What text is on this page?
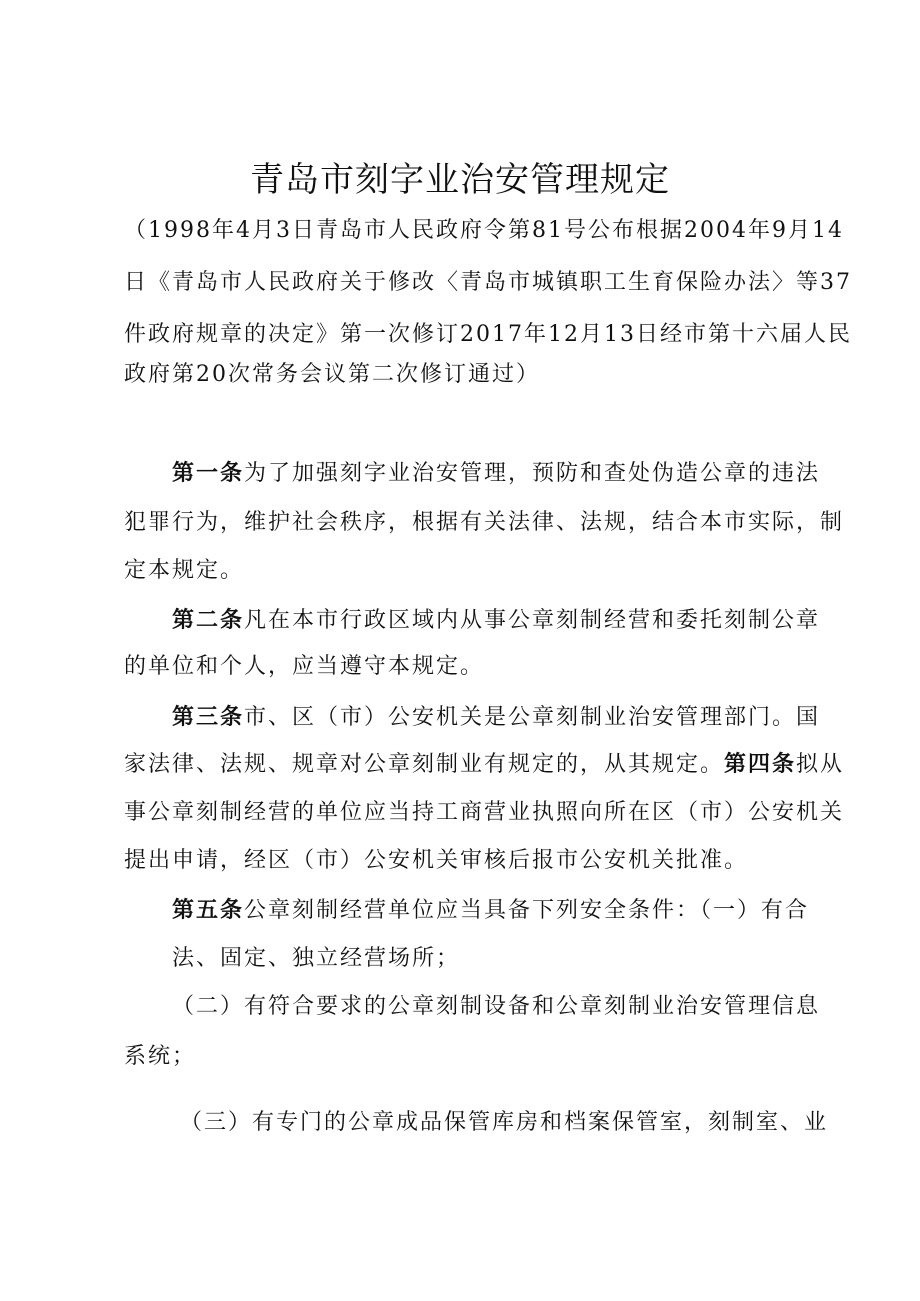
青岛市刻字业治安管理规定
（1998年4月3日青岛市人民政府令第81号公布根据2004年9月14
日《青岛市人民政府关于修改〈青岛市城镇职工生育保险办法〉等37
件政府规章的决定》第一次修订2017年12月13日经市第十六届人民
政府第20次常务会议第二次修订通过）
第一条为了加强刻字业治安管理，预防和查处伪造公章的违法
犯罪行为，维护社会秩序，根据有关法律、法规，结合本市实际，制
定本规定。
第二条凡在本市行政区域内从事公章刻制经营和委托刻制公章
的单位和个人，应当遵守本规定。
第三条市、区（市）公安机关是公章刻制业治安管理部门。国
家法律、法规、规章对公章刻制业有规定的，从其规定。第四条拟从
事公章刻制经营的单位应当持工商营业执照向所在区（市）公安机关
提出申请，经区（市）公安机关审核后报市公安机关批准。
第五条公章刻制经营单位应当具备下列安全条件：（一）有合
法、固定、独立经营场所；
（二）有符合要求的公章刻制设备和公章刻制业治安管理信息
系统；
（三）有专门的公章成品保管库房和档案保管室，刻制室、业
